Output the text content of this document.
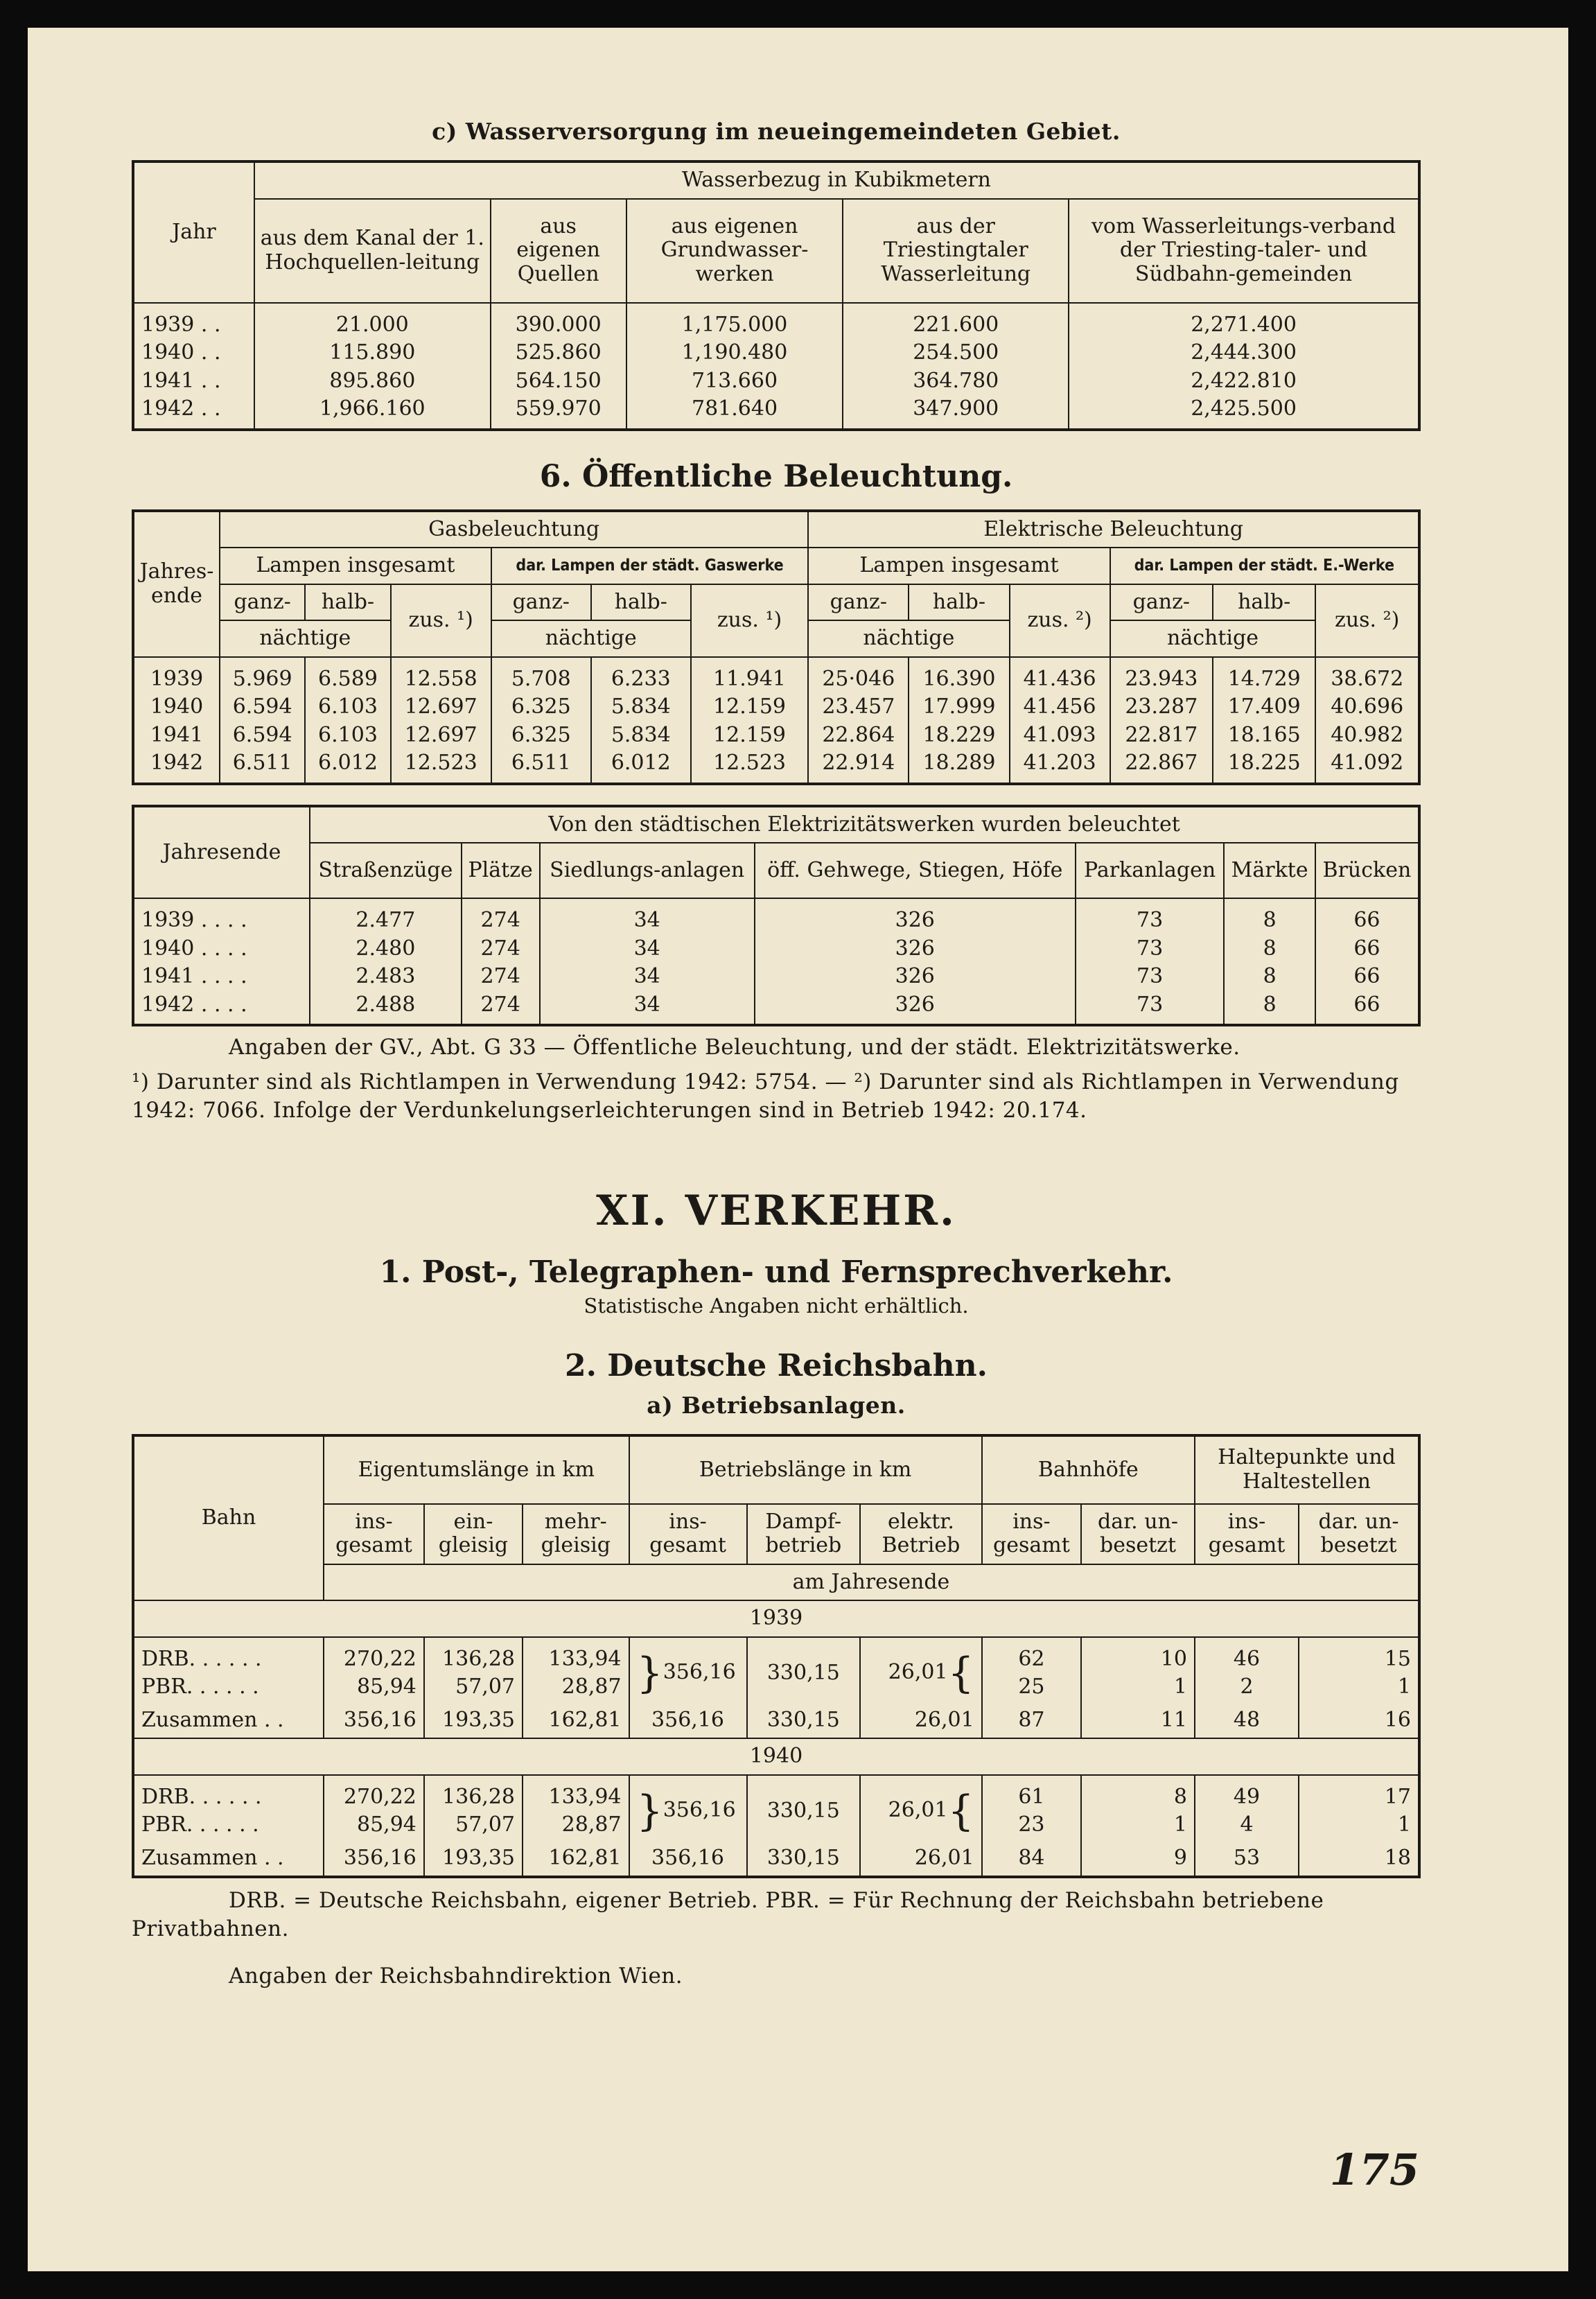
c) Wasserversorgung im neueingemeindeten Gebiet.
Jahr	Wasserbezug in Kubikmetern				
	aus dem Kanal der 1. Hochquellen-leitung	aus eigenen Quellen	aus eigenen Grundwasser-werken	aus der Triestingtaler Wasserleitung	vom Wasserleitungs-verband der Triesting-taler- und Südbahn-gemeinden
1939 . .	21.000	390.000	1,175.000	221.600	2,271.400
1940 . .	115.890	525.860	1,190.480	254.500	2,444.300
1941 . .	895.860	564.150	713.660	364.780	2,422.810
1942 . .	1,966.160	559.970	781.640	347.900	2,425.500
6. Öffentliche Beleuchtung.
Jahres-ende	Gasbeleuchtung						Elektrische Beleuchtung					
	Lampen insgesamt			dar. Lampen der städt. Gaswerke			Lampen insgesamt			dar. Lampen der städt. E.-Werke		
	ganz-	halb-	zus. ¹)	ganz-	halb-	zus. ¹)	ganz-	halb-	zus. ²)	ganz-	halb-	zus. ²)
	nächtige			nächtige			nächtige			nächtige		
1939	5.969	6.589	12.558	5.708	6.233	11.941	25·046	16.390	41.436	23.943	14.729	38.672
1940	6.594	6.103	12.697	6.325	5.834	12.159	23.457	17.999	41.456	23.287	17.409	40.696
1941	6.594	6.103	12.697	6.325	5.834	12.159	22.864	18.229	41.093	22.817	18.165	40.982
1942	6.511	6.012	12.523	6.511	6.012	12.523	22.914	18.289	41.203	22.867	18.225	41.092
Jahresende	Von den städtischen Elektrizitätswerken wurden beleuchtet						
	Straßenzüge	Plätze	Siedlungs-anlagen	öff. Gehwege, Stiegen, Höfe	Parkanlagen	Märkte	Brücken
1939 . . . .	2.477	274	34	326	73	8	66
1940 . . . .	2.480	274	34	326	73	8	66
1941 . . . .	2.483	274	34	326	73	8	66
1942 . . . .	2.488	274	34	326	73	8	66

Angaben der GV., Abt. G 33 — Öffentliche Beleuchtung, und der städt. Elektrizitätswerke.

¹) Darunter sind als Richtlampen in Verwendung 1942: 5754. — ²) Darunter sind als Richtlampen in Verwendung 1942: 7066. Infolge der Verdunkelungserleichterungen sind in Betrieb 1942: 20.174.

XI. VERKEHR.
1. Post-, Telegraphen- und Fernsprechverkehr.
Statistische Angaben nicht erhältlich.
2. Deutsche Reichsbahn.
a) Betriebsanlagen.
Bahn	Eigentumslänge in km			Betriebslänge in km			Bahnhöfe		Haltepunkte und Haltestellen	
	ins-gesamt	ein-gleisig	mehr-gleisig	ins-gesamt	Dampf-betrieb	elektr. Betrieb	ins-gesamt	dar. un-besetzt	ins-gesamt	dar. un-besetzt
	am Jahresende									
1939										
DRB. . . . . .	270,22	136,28	133,94	}356,16	330,15	26,01{	62	10	46	15
PBR. . . . . .	85,94	57,07	28,87				25	1	2	1
Zusammen . .	356,16	193,35	162,81	356,16	330,15	26,01	87	11	48	16
1940										
DRB. . . . . .	270,22	136,28	133,94	}356,16	330,15	26,01{	61	8	49	17
PBR. . . . . .	85,94	57,07	28,87				23	1	4	1
Zusammen . .	356,16	193,35	162,81	356,16	330,15	26,01	84	9	53	18

DRB. = Deutsche Reichsbahn, eigener Betrieb. PBR. = Für Rechnung der Reichsbahn betriebene Privatbahnen.

Angaben der Reichsbahndirektion Wien.

175
